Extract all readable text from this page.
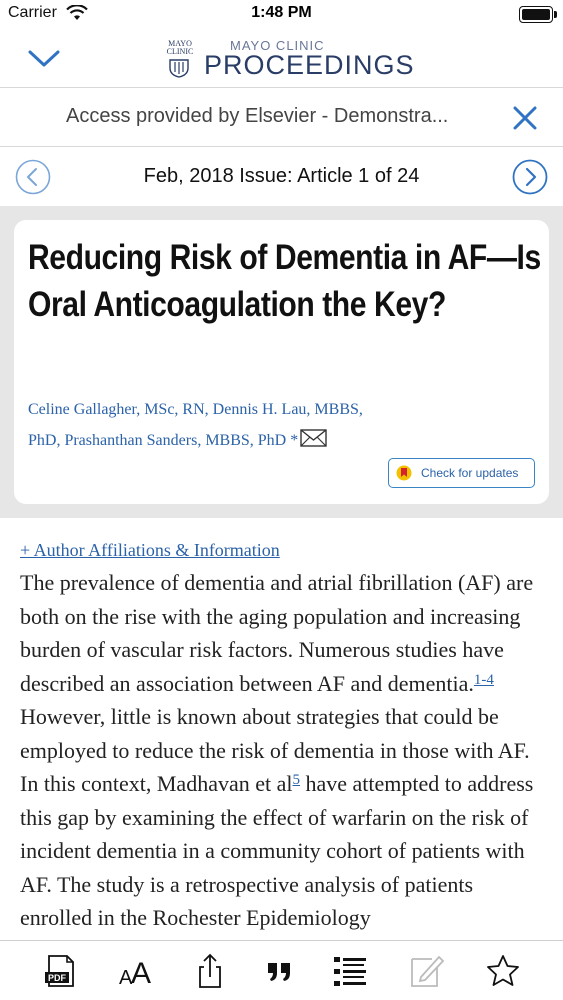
Carrier	1:48 PM
MAYO
CLINIC	MAYO CLINIC
PROCEEDINGS
Access provided by Elsevier - Demonstra...
Feb, 2018 Issue: Article 1 of 24
Reducing Risk of Dementia in AF—Is Oral Anticoagulation the Key?
Celine Gallagher, MSc, RN, Dennis H. Lau, MBBS, PhD, Prashanthan Sanders, MBBS, PhD *
Check for updates
+ Author Affiliations & Information

The prevalence of dementia and atrial fibrillation (AF) are both on the rise with the aging population and increasing burden of vascular risk factors. Numerous studies have described an association between AF and dementia.$^{1-4}$ However, little is known about strategies that could be employed to reduce the risk of dementia in those with AF. In this context, Madhavan et al$^5$ have attempted to address this gap by examining the effect of warfarin on the risk of incident dementia in a community cohort of patients with AF. The study is a retrospective analysis of patients enrolled in the Rochester Epidemiology

PDF	A
A
